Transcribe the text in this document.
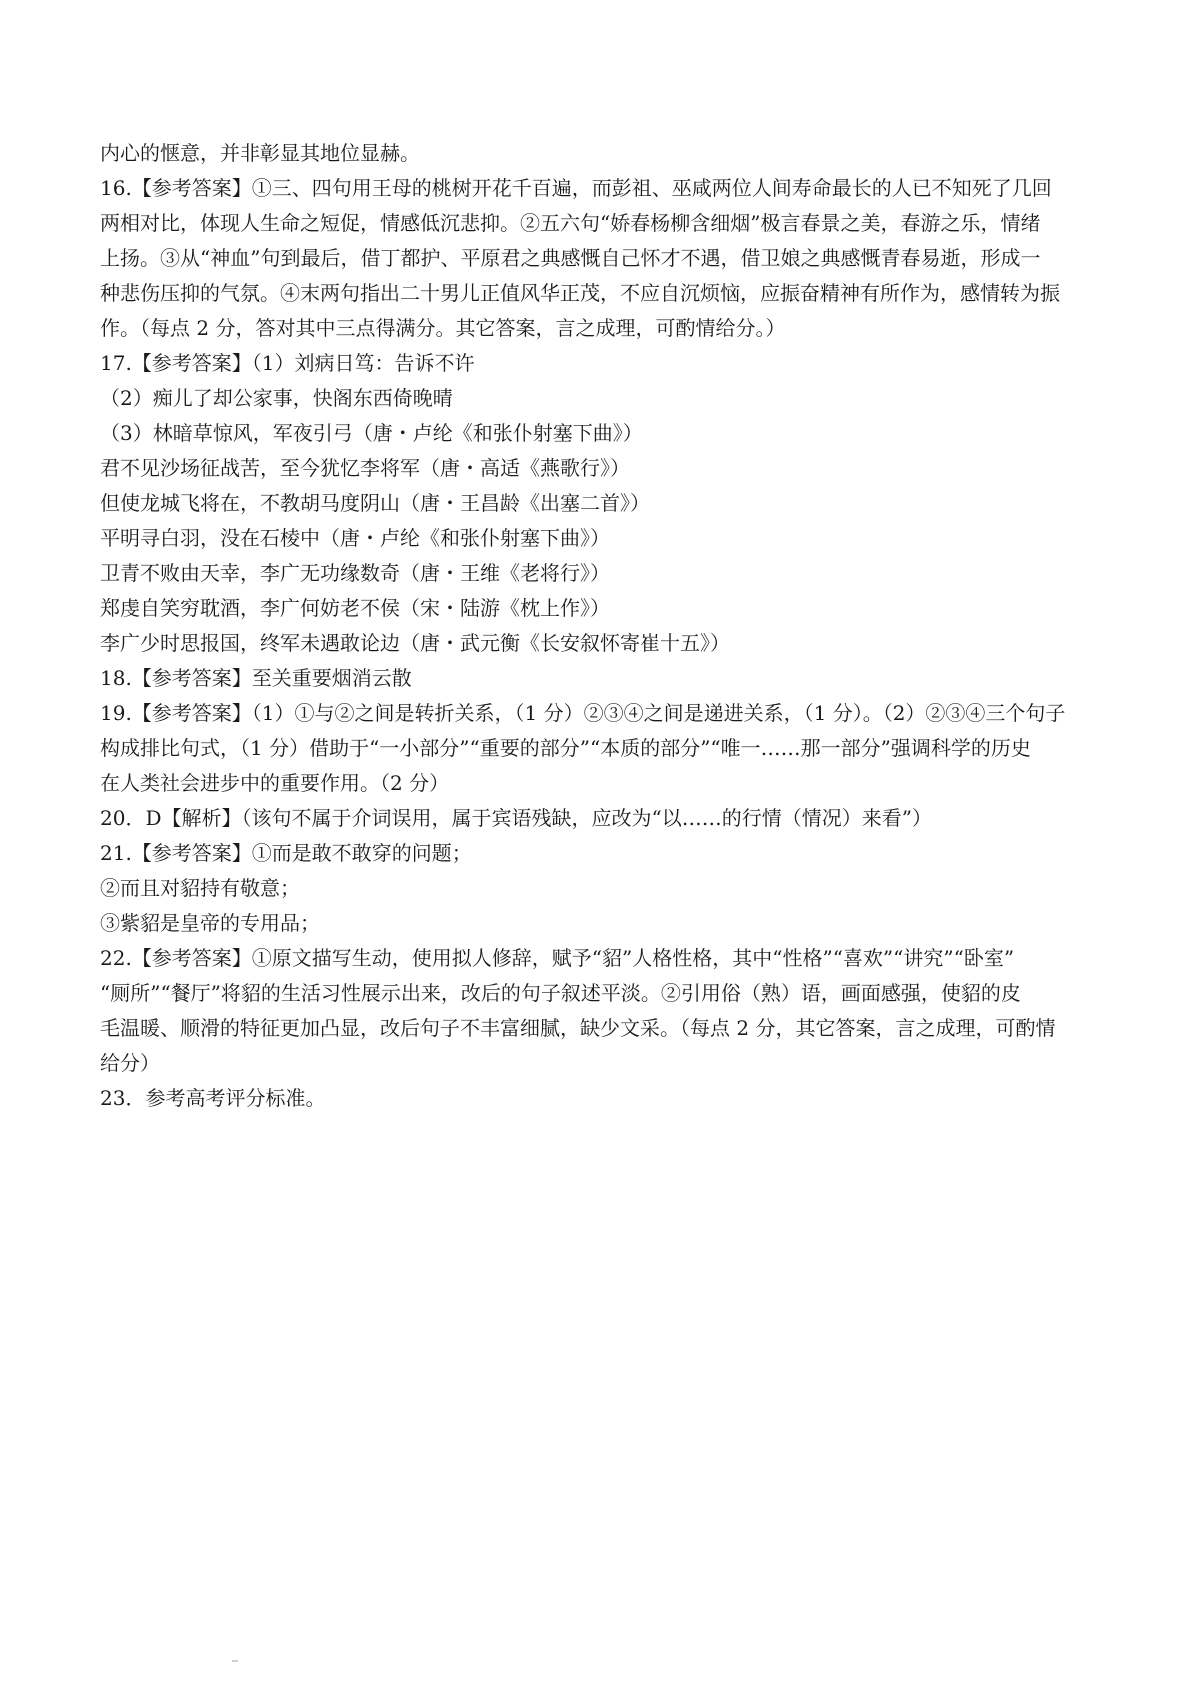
内心的惬意，并非彰显其地位显赫。

16.【参考答案】①三、四句用王母的桃树开花千百遍，而彭祖、巫咸两位人间寿命最长的人已不知死了几回

两相对比，体现人生命之短促，情感低沉悲抑。②五六句“娇春杨柳含细烟”极言春景之美，春游之乐，情绪

上扬。③从“神血”句到最后，借丁都护、平原君之典感慨自己怀才不遇，借卫娘之典感慨青春易逝，形成一

种悲伤压抑的气氛。④末两句指出二十男儿正值风华正茂，不应自沉烦恼，应振奋精神有所作为，感情转为振

作。（每点 2 分，答对其中三点得满分。其它答案，言之成理，可酌情给分。）

17.【参考答案】（1）刘病日笃：告诉不许

（2）痴儿了却公家事，快阁东西倚晚晴

（3）林暗草惊风，军夜引弓（唐・卢纶《和张仆射塞下曲》）

君不见沙场征战苦，至今犹忆李将军（唐・高适《燕歌行》）

但使龙城飞将在，不教胡马度阴山（唐・王昌龄《出塞二首》）

平明寻白羽，没在石棱中（唐・卢纶《和张仆射塞下曲》）

卫青不败由天幸，李广无功缘数奇（唐・王维《老将行》）

郑虔自笑穷耽酒，李广何妨老不侯（宋・陆游《枕上作》）

李广少时思报国，终军未遇敢论边（唐・武元衡《长安叙怀寄崔十五》）

18.【参考答案】至关重要烟消云散

19.【参考答案】（1）①与②之间是转折关系，（1 分）②③④之间是递进关系，（1 分）。（2）②③④三个句子

构成排比句式，（1 分）借助于“一小部分”“重要的部分”“本质的部分”“唯一……那一部分”强调科学的历史

在人类社会进步中的重要作用。（2 分）

20．D【解析】（该句不属于介词误用，属于宾语残缺，应改为“以……的行情（情况）来看”）

21.【参考答案】①而是敢不敢穿的问题；

②而且对貂持有敬意；

③紫貂是皇帝的专用品；

22.【参考答案】①原文描写生动，使用拟人修辞，赋予“貂”人格性格，其中“性格”“喜欢”“讲究”“卧室”

“厕所”“餐厅”将貂的生活习性展示出来，改后的句子叙述平淡。②引用俗（熟）语，画面感强，使貂的皮

毛温暖、顺滑的特征更加凸显，改后句子不丰富细腻，缺少文采。（每点 2 分，其它答案，言之成理，可酌情

给分）

23．参考高考评分标准。
